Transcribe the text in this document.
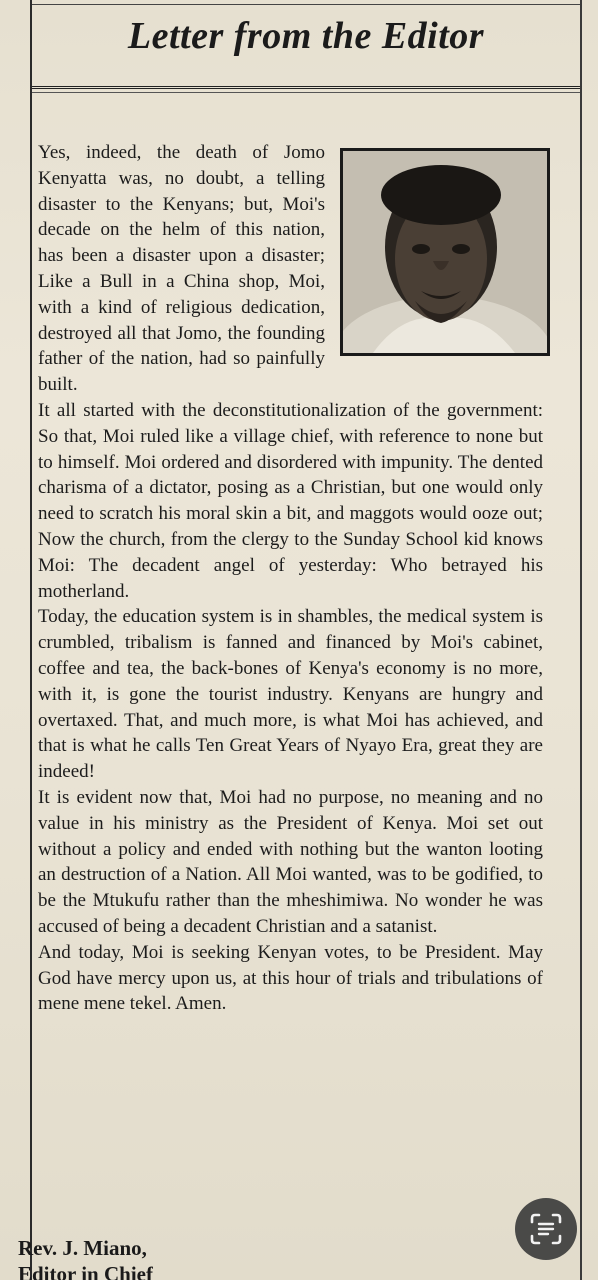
Letter from the Editor

Yes, indeed, the death of Jomo Kenyatta was, no doubt, a telling disaster to the Kenyans; but, Moi's decade on the helm of this nation, has been a disaster upon a disaster; Like a Bull in a China shop, Moi, with a kind of religious dedication, destroyed all that Jomo, the founding father of the nation, had so painfully built.

It all started with the deconstitutionalization of the government: So that, Moi ruled like a village chief, with reference to none but to himself. Moi ordered and disordered with impunity. The dented charisma of a dictator, posing as a Christian, but one would only need to scratch his moral skin a bit, and maggots would ooze out; Now the church, from the clergy to the Sunday School kid knows Moi: The decadent angel of yesterday: Who betrayed his motherland.

Today, the education system is in shambles, the medical system is crumbled, tribalism is fanned and financed by Moi's cabinet, coffee and tea, the back-bones of Kenya's economy is no more, with it, is gone the tourist industry. Kenyans are hungry and overtaxed. That, and much more, is what Moi has achieved, and that is what he calls Ten Great Years of Nyayo Era, great they are indeed!

It is evident now that, Moi had no purpose, no meaning and no value in his ministry as the President of Kenya. Moi set out without a policy and ended with nothing but the wanton looting an destruction of a Nation. All Moi wanted, was to be godified, to be the Mtukufu rather than the mheshimiwa. No wonder he was accused of being a decadent Christian and a satanist.

And today, Moi is seeking Kenyan votes, to be President. May God have mercy upon us, at this hour of trials and tribulations of mene mene tekel. Amen.

Rev. J. Miano,
Editor in Chief
